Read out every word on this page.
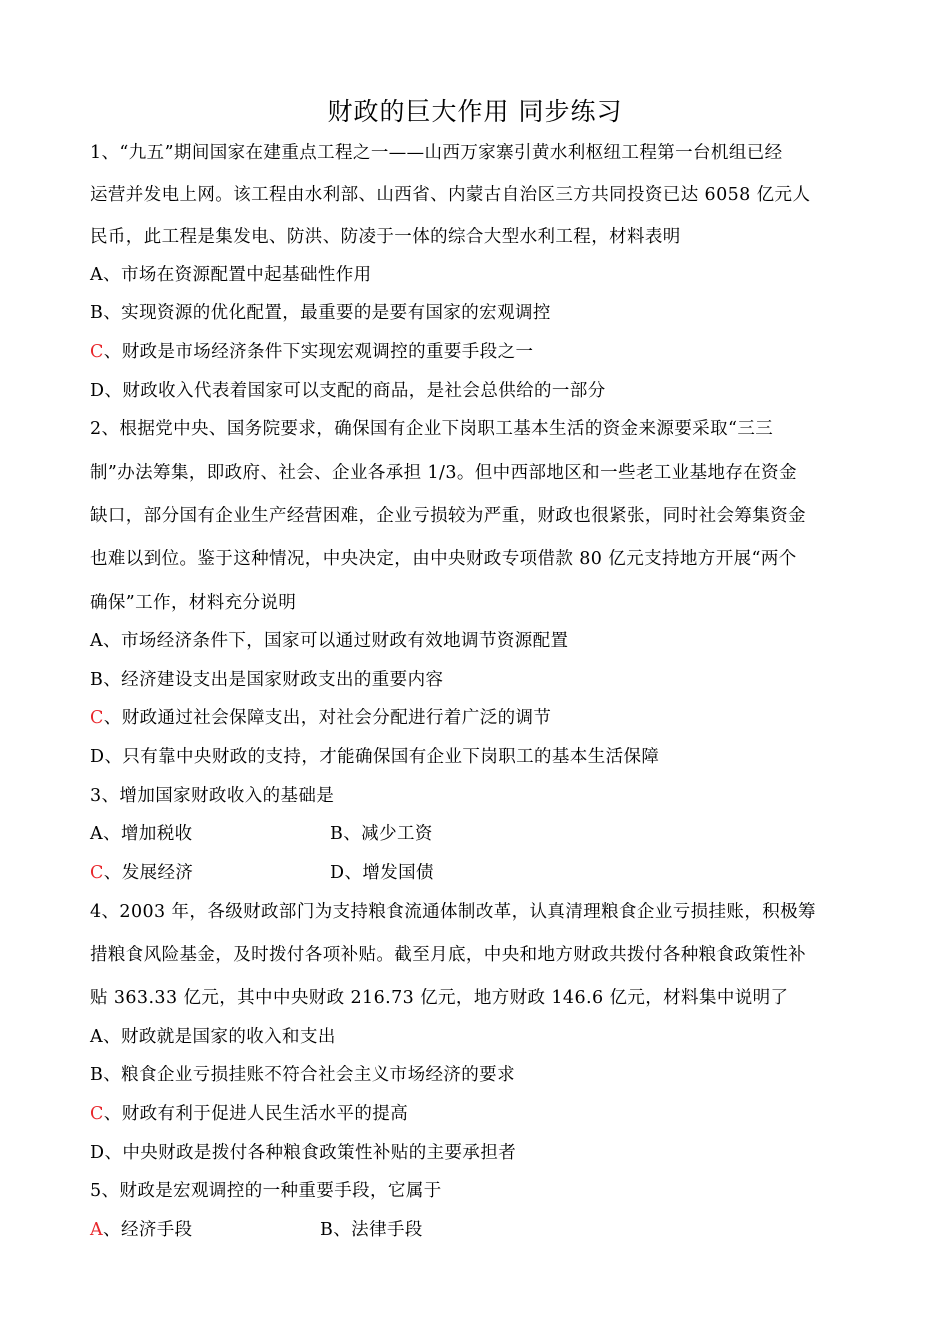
财政的巨大作用 同步练习
1、“九五”期间国家在建重点工程之一——山西万家寨引黄水利枢纽工程第一台机组已经
运营并发电上网。该工程由水利部、山西省、内蒙古自治区三方共同投资已达 6058 亿元人
民币，此工程是集发电、防洪、防凌于一体的综合大型水利工程，材料表明
A、市场在资源配置中起基础性作用
B、实现资源的优化配置，最重要的是要有国家的宏观调控
C、财政是市场经济条件下实现宏观调控的重要手段之一
D、财政收入代表着国家可以支配的商品，是社会总供给的一部分
2、根据党中央、国务院要求，确保国有企业下岗职工基本生活的资金来源要采取“三三
制”办法筹集，即政府、社会、企业各承担 1/3。但中西部地区和一些老工业基地存在资金
缺口，部分国有企业生产经营困难，企业亏损较为严重，财政也很紧张，同时社会筹集资金
也难以到位。鉴于这种情况，中央决定，由中央财政专项借款 80 亿元支持地方开展“两个
确保”工作，材料充分说明
A、市场经济条件下，国家可以通过财政有效地调节资源配置
B、经济建设支出是国家财政支出的重要内容
C、财政通过社会保障支出，对社会分配进行着广泛的调节
D、只有靠中央财政的支持，才能确保国有企业下岗职工的基本生活保障
3、增加国家财政收入的基础是
A、增加税收	B、减少工资
C、发展经济	D、增发国债
4、2003 年，各级财政部门为支持粮食流通体制改革，认真清理粮食企业亏损挂账，积极筹
措粮食风险基金，及时拨付各项补贴。截至月底，中央和地方财政共拨付各种粮食政策性补
贴 363.33 亿元，其中中央财政 216.73 亿元，地方财政 146.6 亿元，材料集中说明了
A、财政就是国家的收入和支出
B、粮食企业亏损挂账不符合社会主义市场经济的要求
C、财政有利于促进人民生活水平的提高
D、中央财政是拨付各种粮食政策性补贴的主要承担者
5、财政是宏观调控的一种重要手段，它属于
A、经济手段	B、法律手段
